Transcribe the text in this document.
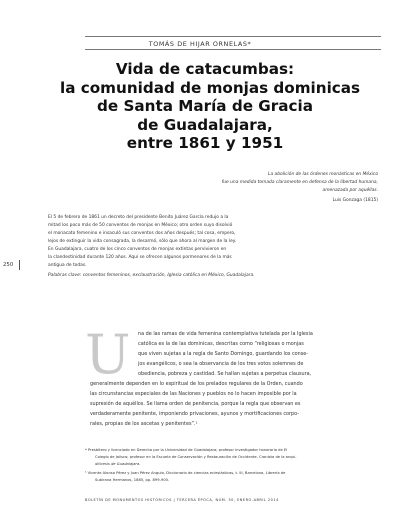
TOMÁS DE HIJAR ORNELAS*
Vida de catacumbas:
la comunidad de monjas dominicas
de Santa María de Gracia
de Guadalajara,
entre 1861 y 1951
La abolición de las órdenes monásticas en México
fue una medida tomada claramente en defensa de la libertad humana,
amenazada por aquéllas.
Luis Gonzaga (1815)
250
El 5 de febrero de 1861 un decreto del presidente Benito Juárez García redujo a la
mitad los poco más de 50 conventos de monjas en México; otro orden suyo disolvió
el monacato femenino e insaculó sus conventos dos años después; tal cosa, empero,
lejos de extinguir la vida consagrada, la desarmó, sólo que ahora al margen de la ley.
En Guadalajara, cuatro de los cinco conventos de monjas extintas pervivieron en
la clandestinidad durante 120 años. Aquí se ofrecen algunos pormenores de la más
antigua de todas.
Palabras clave: conventos femeninos, exclaustración, Iglesia católica en México, Guadalajara.
U na de las ramas de vida femenina contemplativa tutelada por la Iglesia
católica es la de las dominicas, descritas como “religiosas o monjas
que viven sujetas a la regla de Santo Domingo, guardando los conse-
jos evangélicos, o sea la observancia de los tres votos solemnes de
obediencia, pobreza y castidad. Se hallan sujetas a perpetua clausura,
generalmente dependen en lo espiritual de los prelados regulares de la Orden, cuando
las circunstancias especiales de las Naciones y pueblos no lo hacen imposible por la
supresión de aquéllos. Se llama orden de penitencia, porque la regla que observan es
verdaderamente penitente, imponiendo privaciones, ayunos y mortificaciones corpo-
rales, propias de los ascetas y penitentes”.¹
* Presbítero y licenciado en Derecho por la Universidad de Guadalajara; profesor investigador honorario de El
Colegio de Jalisco; profesor en la Escuela de Conservación y Restauración de Occidente. Cronista de la arqui-
diócesis de Guadalajara.
¹ Vicente Alonso Pérez y Juan Pérez Angulo, Diccionario de ciencias eclesiásticas, t. III, Barcelona, Librería de
Subirana Hermanos, 1885, pp. 899-900.
BOLETÍN DE MONUMENTOS HISTÓRICOS | TERCERA ÉPOCA, NÚM. 30, ENERO-ABRIL 2014
